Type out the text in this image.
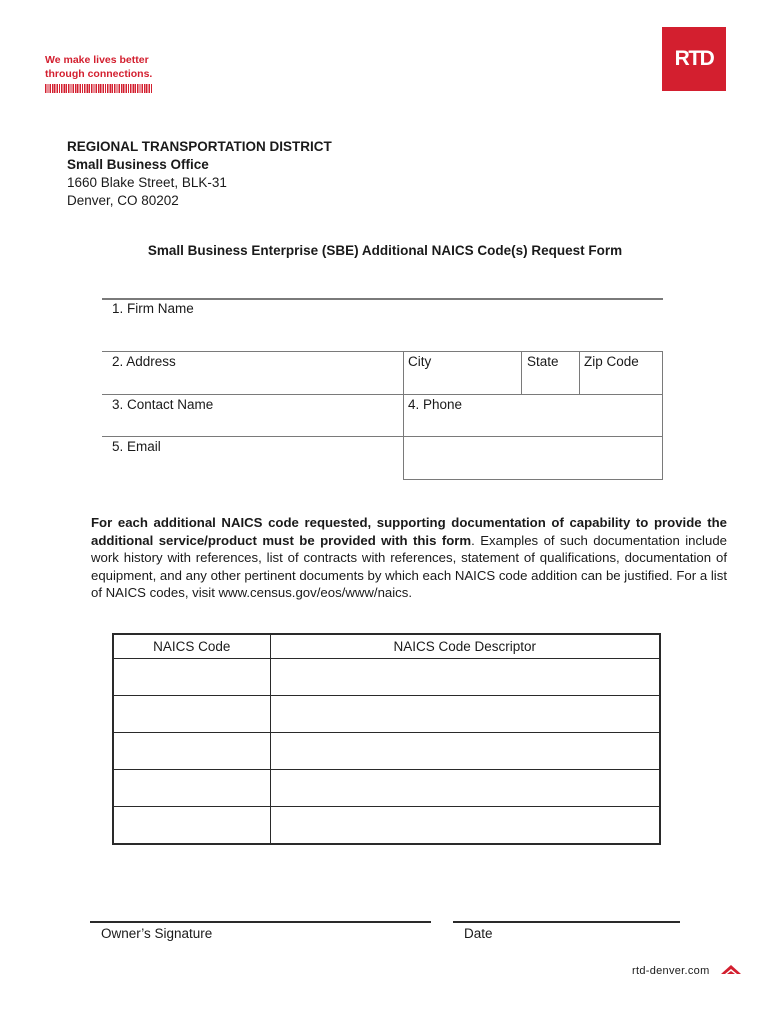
We make lives better
through connections.
RTD
REGIONAL TRANSPORTATION DISTRICT
Small Business Office
1660 Blake Street, BLK-31
Denver, CO 80202
Small Business Enterprise (SBE) Additional NAICS Code(s) Request Form
1. Firm Name
2. Address	City	State Zip Code
3. Contact Name	4. Phone
5. Email
For each additional NAICS code requested, supporting documentation of capability to provide the additional service/product must be provided with this form. Examples of such documentation include work history with references, list of contracts with references, statement of qualifications, documentation of equipment, and any other pertinent documents by which each NAICS code addition can be justified. For a list of NAICS codes, visit www.census.gov/eos/www/naics.
NAICS Code	NAICS Code Descriptor

Owner’s Signature	Date
rtd-denver.com
